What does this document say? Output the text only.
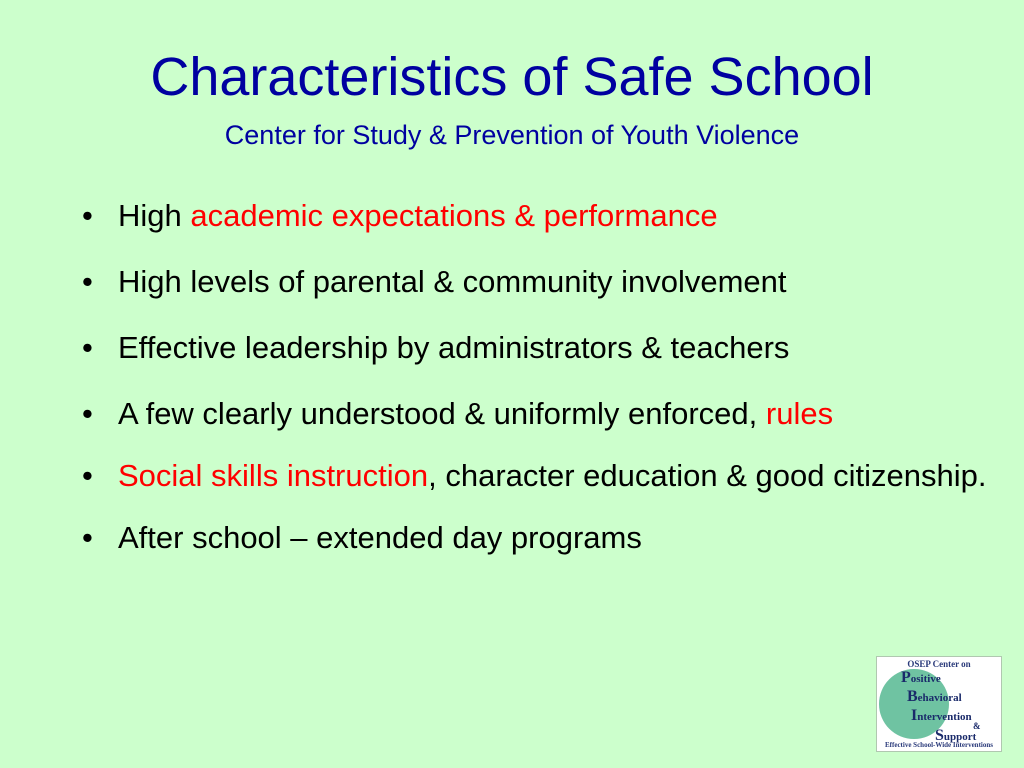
Characteristics of Safe School
Center for Study & Prevention of Youth Violence
• High academic expectations & performance
• High levels of parental & community involvement
• Effective leadership by administrators & teachers
• A few clearly understood & uniformly enforced, rules
• Social skills instruction, character education & good citizenship.
• After school – extended day programs
OSEP Center on
Positive
Behavioral
Intervention
&
Support
Effective School-Wide Interventions
